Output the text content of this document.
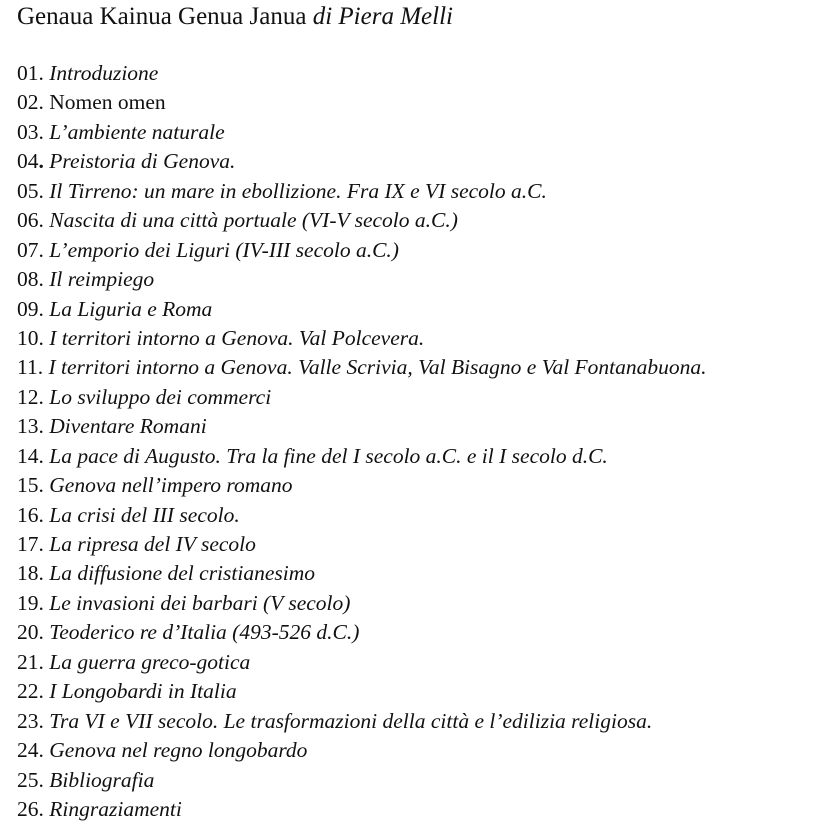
Genaua Kainua Genua Janua di Piera Melli
01. Introduzione
02. Nomen omen
03. L’ambiente naturale
04. Preistoria di Genova.
05. Il Tirreno: un mare in ebollizione. Fra IX e VI secolo a.C.
06. Nascita di una città portuale (VI-V secolo a.C.)
07. L’emporio dei Liguri (IV-III secolo a.C.)
08. Il reimpiego
09. La Liguria e Roma
10. I territori intorno a Genova. Val Polcevera.
11. I territori intorno a Genova. Valle Scrivia, Val Bisagno e Val Fontanabuona.
12. Lo sviluppo dei commerci
13. Diventare Romani
14. La pace di Augusto. Tra la fine del I secolo a.C. e il I secolo d.C.
15. Genova nell’impero romano
16. La crisi del III secolo.
17. La ripresa del IV secolo
18. La diffusione del cristianesimo
19. Le invasioni dei barbari (V secolo)
20. Teoderico re d’Italia (493-526 d.C.)
21. La guerra greco-gotica
22. I Longobardi in Italia
23. Tra VI e VII secolo. Le trasformazioni della città e l’edilizia religiosa.
24. Genova nel regno longobardo
25. Bibliografia
26. Ringraziamenti
